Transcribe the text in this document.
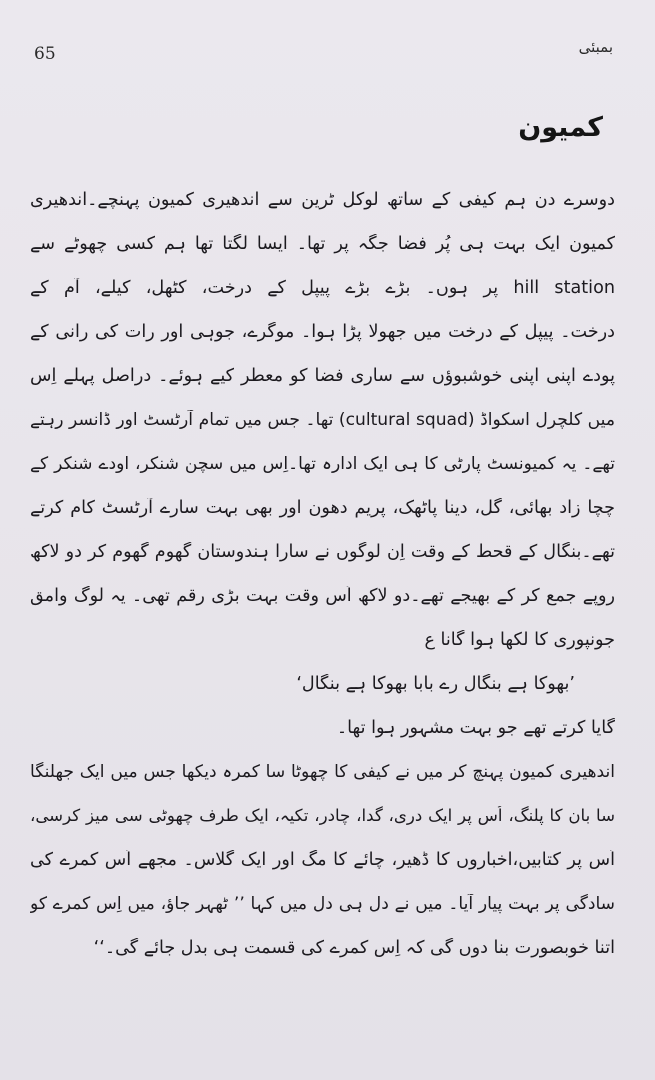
65	بمبئی
کمیون
دوسرے دن ہم کیفی کے ساتھ لوکل ٹرین سے اندھیری کمیون پہنچے۔اندھیری
کمیون ایک بہت ہی پُر فضا جگہ پر تھا۔ ایسا لگتا تھا ہم کسی چھوٹے سے
hill station پر ہوں۔ بڑے بڑے پیپل کے درخت، کٹھل، کیلے، آم کے
درخت۔ پیپل کے درخت میں جھولا پڑا ہوا۔ موگرے، جوہی اور رات کی رانی کے
پودے اپنی اپنی خوشبوؤں سے ساری فضا کو معطر کیے ہوئے۔ دراصل پہلے اِس
میں کلچرل اسکواڈ (cultural squad) تھا۔ جس میں تمام آرٹسٹ اور ڈانسر رہتے
تھے۔ یہ کمیونسٹ پارٹی کا ہی ایک ادارہ تھا۔اِس میں سچن شنکر، اودے شنکر کے
چچا زاد بھائی، گُل، دینا پاٹھک، پریم دھون اور بھی بہت سارے آرٹسٹ کام کرتے
تھے۔بنگال کے قحط کے وقت اِن لوگوں نے سارا ہندوستان گھوم گھوم کر دو لاکھ
روپے جمع کر کے بھیجے تھے۔دو لاکھ اُس وقت بہت بڑی رقم تھی۔ یہ لوگ وامق
جونپوری کا لکھا ہوا گانا ع
’بھوکا ہے بنگال رے بابا بھوکا ہے بنگال‘
گایا کرتے تھے جو بہت مشہور ہوا تھا۔
اندھیری کمیون پہنچ کر میں نے کیفی کا چھوٹا سا کمرہ دیکھا جس میں ایک جھلنگا
سا بان کا پلنگ، اُس پر ایک دری، گدا، چادر، تکیہ، ایک طرف چھوٹی سی میز کرسی،
اُس پر کتابیں،اخباروں کا ڈھیر، چائے کا مگ اور ایک گلاس۔ مجھے اُس کمرے کی
سادگی پر بہت پیار آیا۔ میں نے دل ہی دل میں کہا ’’ ٹھہر جاؤ، میں اِس کمرے کو
اتنا خوبصورت بنا دوں گی کہ اِس کمرے کی قسمت ہی بدل جائے گی۔‘‘
